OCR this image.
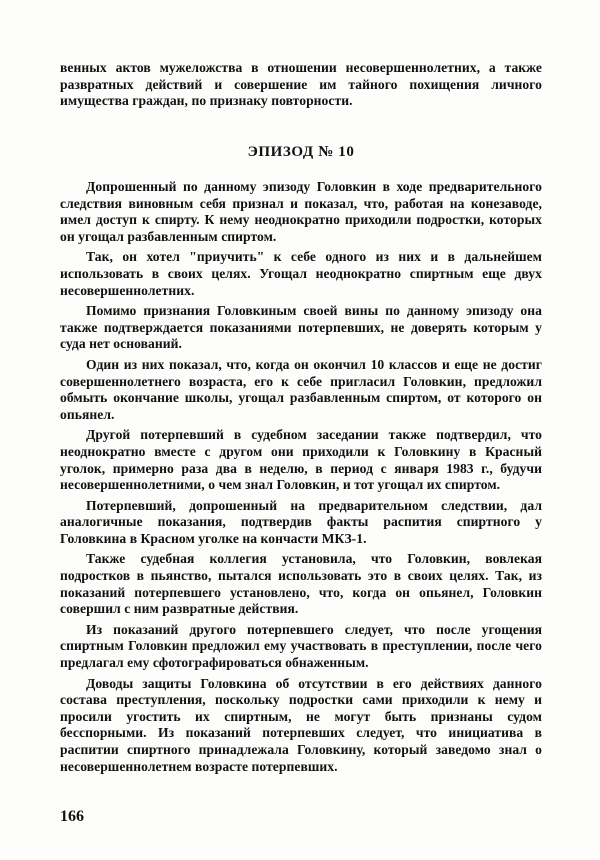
венных актов мужеложства в отношении несовершеннолетних, а также развратных действий и совершение им тайного похищения личного имущества граждан, по признаку повторности.

ЭПИЗОД № 10

Допрошенный по данному эпизоду Головкин в ходе предварительного следствия виновным себя признал и показал, что, работая на конезаводе, имел доступ к спирту. К нему неоднократно приходили подростки, которых он угощал разбавленным спиртом.

Так, он хотел "приучить" к себе одного из них и в дальнейшем использовать в своих целях. Угощал неоднократно спиртным еще двух несовершеннолетних.

Помимо признания Головкиным своей вины по данному эпизоду она также подтверждается показаниями потерпевших, не доверять которым у суда нет оснований.

Один из них показал, что, когда он окончил 10 классов и еще не достиг совершеннолетнего возраста, его к себе пригласил Головкин, предложил обмыть окончание школы, угощал разбавленным спиртом, от которого он опьянел.

Другой потерпевший в судебном заседании также подтвердил, что неоднократно вместе с другом они приходили к Головкину в Красный уголок, примерно раза два в неделю, в период с января 1983 г., будучи несовершеннолетними, о чем знал Головкин, и тот угощал их спиртом.

Потерпевший, допрошенный на предварительном следствии, дал аналогичные показания, подтвердив факты распития спиртного у Головкина в Красном уголке на кончасти МКЗ-1.

Также судебная коллегия установила, что Головкин, вовлекая подростков в пьянство, пытался использовать это в своих целях. Так, из показаний потерпевшего установлено, что, когда он опьянел, Головкин совершил с ним развратные действия.

Из показаний другого потерпевшего следует, что после угощения спиртным Головкин предложил ему участвовать в преступлении, после чего предлагал ему сфотографироваться обнаженным.

Доводы защиты Головкина об отсутствии в его действиях данного состава преступления, поскольку подростки сами приходили к нему и просили угостить их спиртным, не могут быть признаны судом бесспорными. Из показаний потерпевших следует, что инициатива в распитии спиртного принадлежала Головкину, который заведомо знал о несовершеннолетнем возрасте потерпевших.

166
